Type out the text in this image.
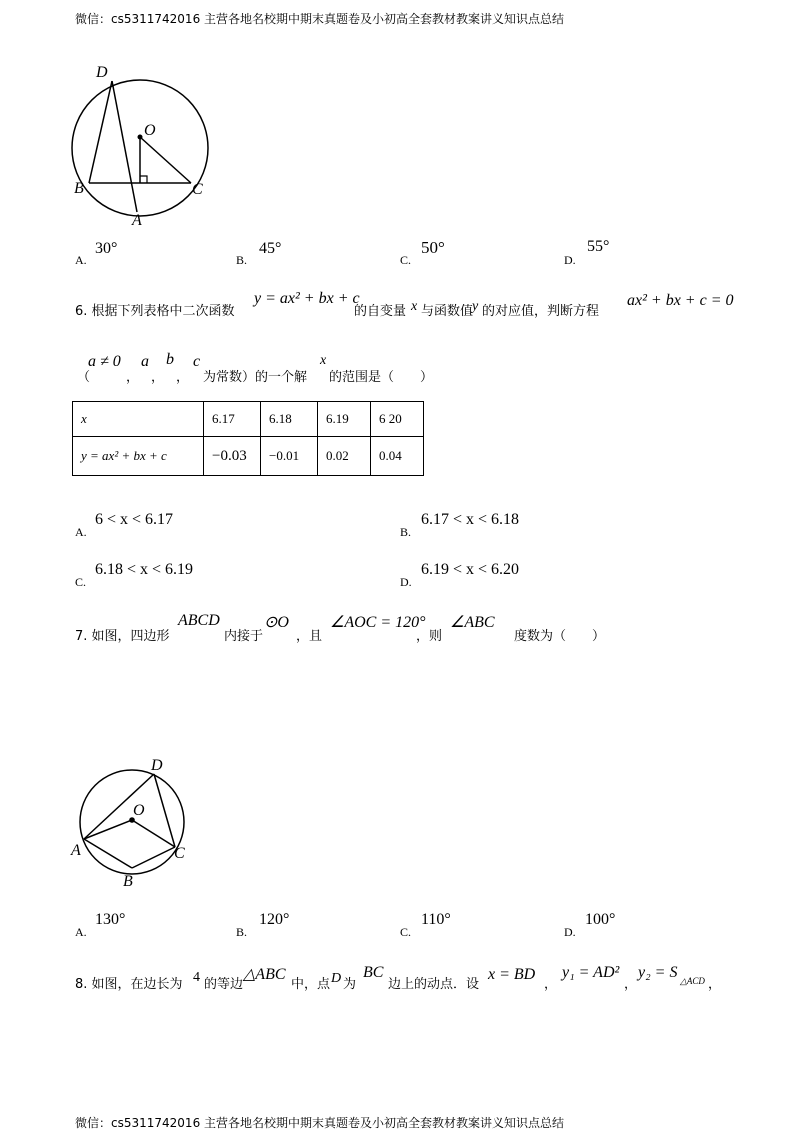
微信：cs5311742016 主营各地名校期中期末真题卷及小初高全套教材教案讲义知识点总结
D
O
B	C
A
A.
30°
B.
45°
C.
50°
D.
55°
6. 根据下列表格中二次函数
y = ax² + bx + c
的自变量 x 与函数值
y 的对应值，判断方程
ax² + bx + c = 0
（
a ≠ 0
，
a
，
b
，
c
为常数）的一个解
x
的范围是（　　）
x	6.17	6.18	6.19	6 20
y = ax² + bx + c	−0.03	−0.01	0.02	0.04
A.
6 < x < 6.17
B.
6.17 < x < 6.18
C.
6.18 < x < 6.19
D.
6.19 < x < 6.20
7. 如图，四边形
ABCD
内接于
⊙O
，且
∠AOC = 120°
，则
∠ABC
度数为（　　）
D
O
A	C
B
A.
130°
B.
120°
C.
110°
D.
100°
8. 如图，在边长为 4 的等边
△ABC
中，点 D 为
BC
边上的动点．设
x = BD
，
y₁ = AD²
，
y₂ = S △ACD ，
微信：cs5311742016 主营各地名校期中期末真题卷及小初高全套教材教案讲义知识点总结
